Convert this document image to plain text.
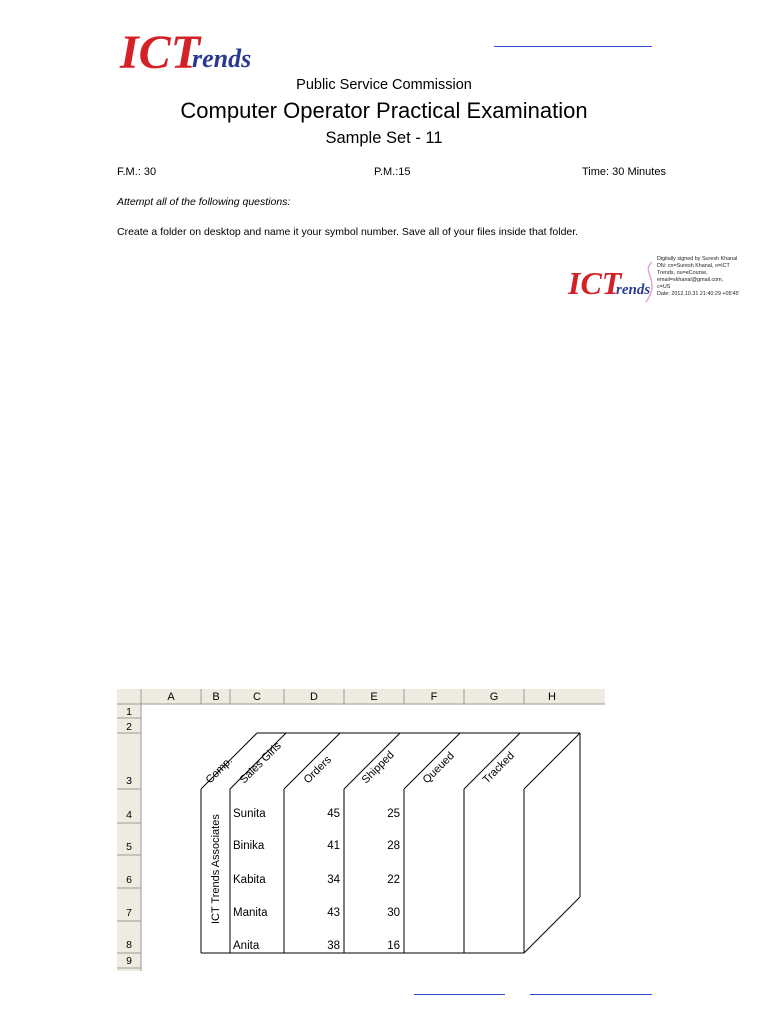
ICT
rends
Public Service Commission
Computer Operator Practical Examination
Sample Set - 11
F.M.: 30	P.M.:15	Time: 30 Minutes
Attempt all of the following questions:
Create a folder on desktop and name it your symbol number. Save all of your files inside that folder.
ICT
rends
Digitally signed by Suresh Khanal
DN: cn=Suresh Khanal, o=ICT
Trends, ou=eCourse,
email=skhanal@gmail.com,
c=US
Date: 2012.10.31 21:40:29 +05'45'
A	B	C	D	E	F	G	H
1
2
3
4
5
6
7
8
9
Comp. Sales Girls Orders Shipped Queued Tracked
ICT Trends Associates
Sunita	45	25
Binika	41	28
Kabita	34	22
Manita	43	30
Anita	38	16
